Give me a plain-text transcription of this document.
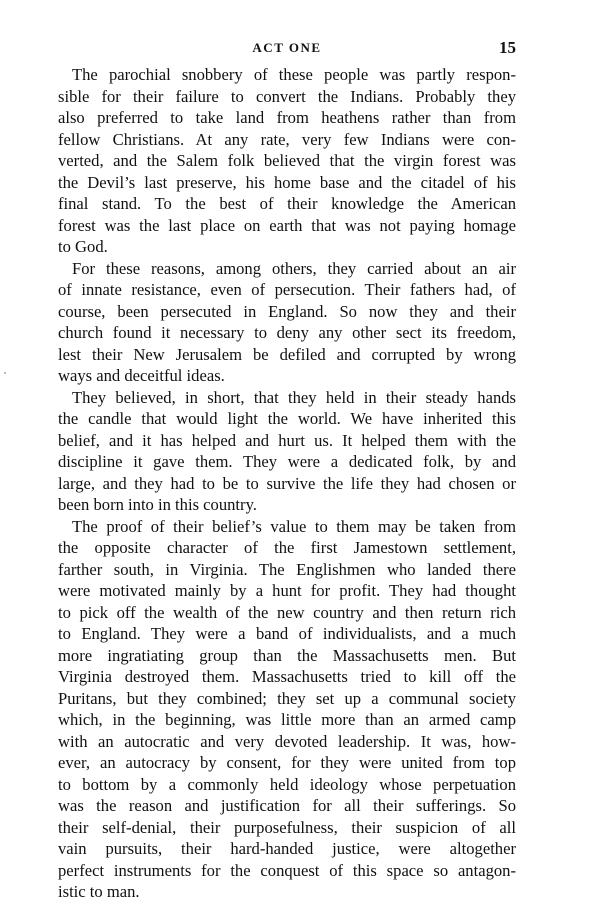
ACT ONE	15
The parochial snobbery of these people was partly respon-
sible for their failure to convert the Indians. Probably they
also preferred to take land from heathens rather than from
fellow Christians. At any rate, very few Indians were con-
verted, and the Salem folk believed that the virgin forest was
the Devil’s last preserve, his home base and the citadel of his
final stand. To the best of their knowledge the American
forest was the last place on earth that was not paying homage
to God.
For these reasons, among others, they carried about an air
of innate resistance, even of persecution. Their fathers had, of
course, been persecuted in England. So now they and their
church found it necessary to deny any other sect its freedom,
lest their New Jerusalem be defiled and corrupted by wrong
ways and deceitful ideas.
They believed, in short, that they held in their steady hands
the candle that would light the world. We have inherited this
belief, and it has helped and hurt us. It helped them with the
discipline it gave them. They were a dedicated folk, by and
large, and they had to be to survive the life they had chosen or
been born into in this country.
The proof of their belief’s value to them may be taken from
the opposite character of the first Jamestown settlement,
farther south, in Virginia. The Englishmen who landed there
were motivated mainly by a hunt for profit. They had thought
to pick off the wealth of the new country and then return rich
to England. They were a band of individualists, and a much
more ingratiating group than the Massachusetts men. But
Virginia destroyed them. Massachusetts tried to kill off the
Puritans, but they combined; they set up a communal society
which, in the beginning, was little more than an armed camp
with an autocratic and very devoted leadership. It was, how-
ever, an autocracy by consent, for they were united from top
to bottom by a commonly held ideology whose perpetuation
was the reason and justification for all their sufferings. So
their self-denial, their purposefulness, their suspicion of all
vain pursuits, their hard-handed justice, were altogether
perfect instruments for the conquest of this space so antagon-
istic to man.
